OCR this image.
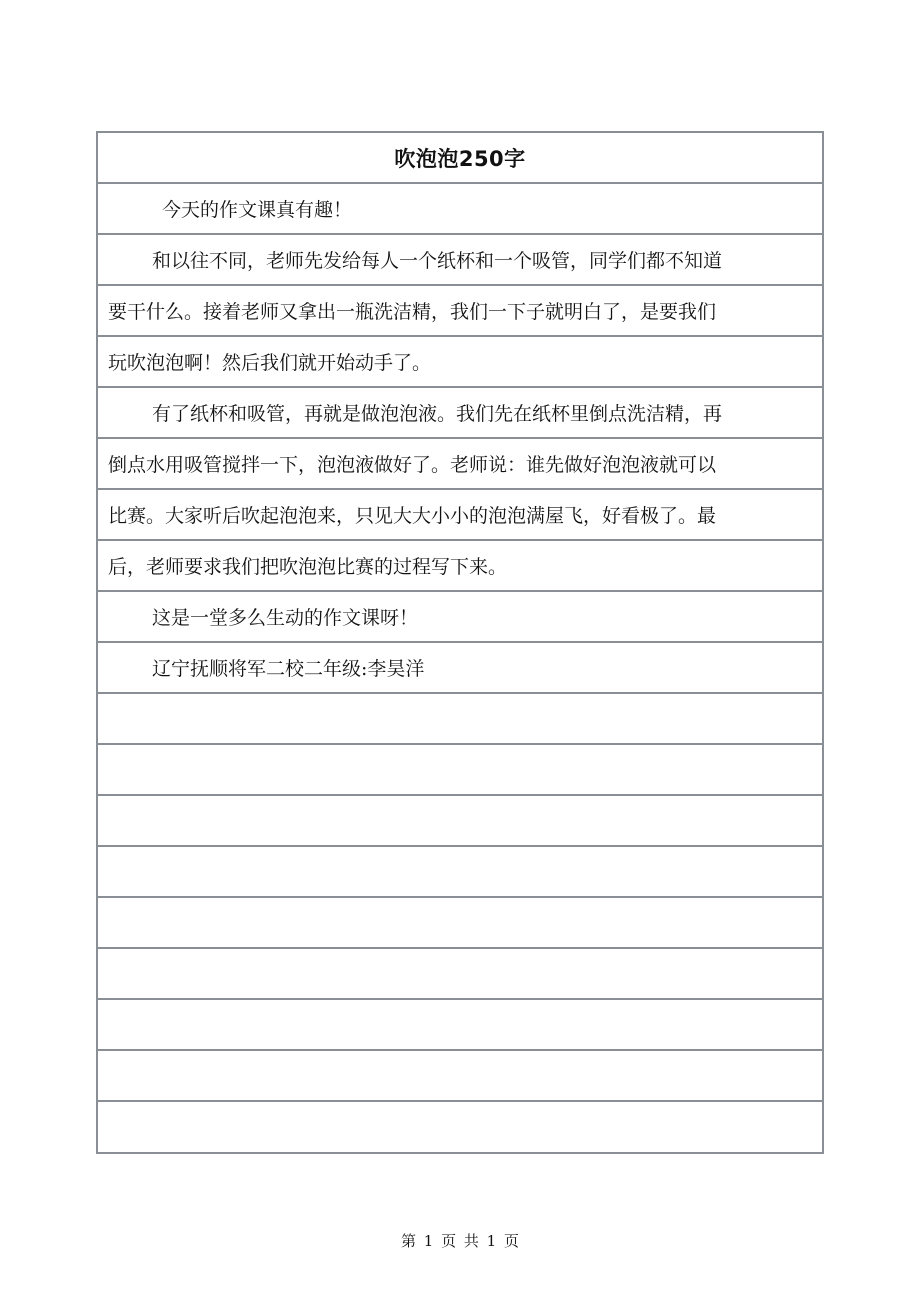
吹泡泡250字
今天的作文课真有趣！
和以往不同，老师先发给每人一个纸杯和一个吸管，同学们都不知道
要干什么。接着老师又拿出一瓶洗洁精，我们一下子就明白了，是要我们
玩吹泡泡啊！然后我们就开始动手了。
有了纸杯和吸管，再就是做泡泡液。我们先在纸杯里倒点洗洁精，再
倒点水用吸管搅拌一下，泡泡液做好了。老师说：谁先做好泡泡液就可以
比赛。大家听后吹起泡泡来，只见大大小小的泡泡满屋飞，好看极了。最
后，老师要求我们把吹泡泡比赛的过程写下来。
这是一堂多么生动的作文课呀！
辽宁抚顺将军二校二年级:李昊洋
第 1 页 共 1 页
